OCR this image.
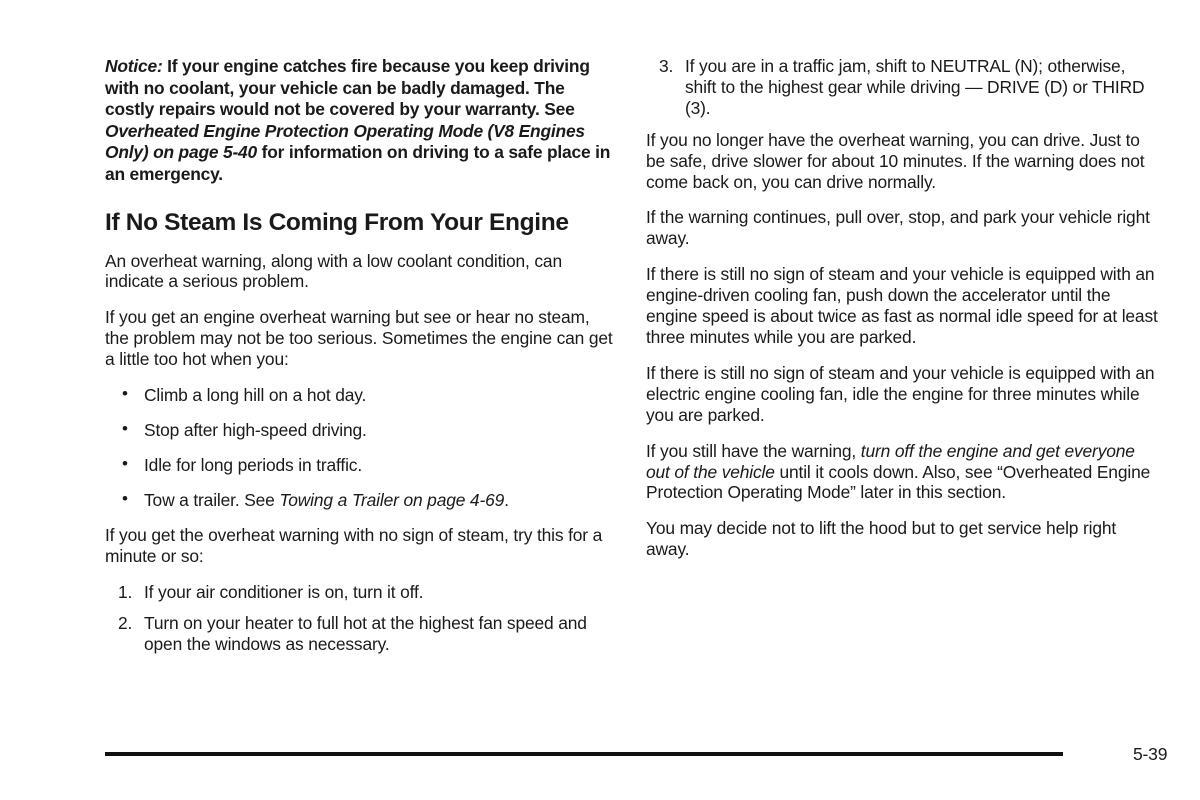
Notice: If your engine catches fire because you keep driving with no coolant, your vehicle can be badly damaged. The costly repairs would not be covered by your warranty. See Overheated Engine Protection Operating Mode (V8 Engines Only) on page 5-40 for information on driving to a safe place in an emergency.

If No Steam Is Coming From Your Engine

An overheat warning, along with a low coolant condition, can indicate a serious problem.

If you get an engine overheat warning but see or hear no steam, the problem may not be too serious. Sometimes the engine can get a little too hot when you:

• Climb a long hill on a hot day.
• Stop after high-speed driving.
• Idle for long periods in traffic.
• Tow a trailer. See Towing a Trailer on page 4-69.

If you get the overheat warning with no sign of steam, try this for a minute or so:

1. If your air conditioner is on, turn it off.
2. Turn on your heater to full hot at the highest fan speed and open the windows as necessary.
3. If you are in a traffic jam, shift to NEUTRAL (N); otherwise, shift to the highest gear while driving — DRIVE (D) or THIRD (3).

If you no longer have the overheat warning, you can drive. Just to be safe, drive slower for about 10 minutes. If the warning does not come back on, you can drive normally.

If the warning continues, pull over, stop, and park your vehicle right away.

If there is still no sign of steam and your vehicle is equipped with an engine-driven cooling fan, push down the accelerator until the engine speed is about twice as fast as normal idle speed for at least three minutes while you are parked.

If there is still no sign of steam and your vehicle is equipped with an electric engine cooling fan, idle the engine for three minutes while you are parked.

If you still have the warning, turn off the engine and get everyone out of the vehicle until it cools down. Also, see “Overheated Engine Protection Operating Mode” later in this section.

You may decide not to lift the hood but to get service help right away.

5-39
